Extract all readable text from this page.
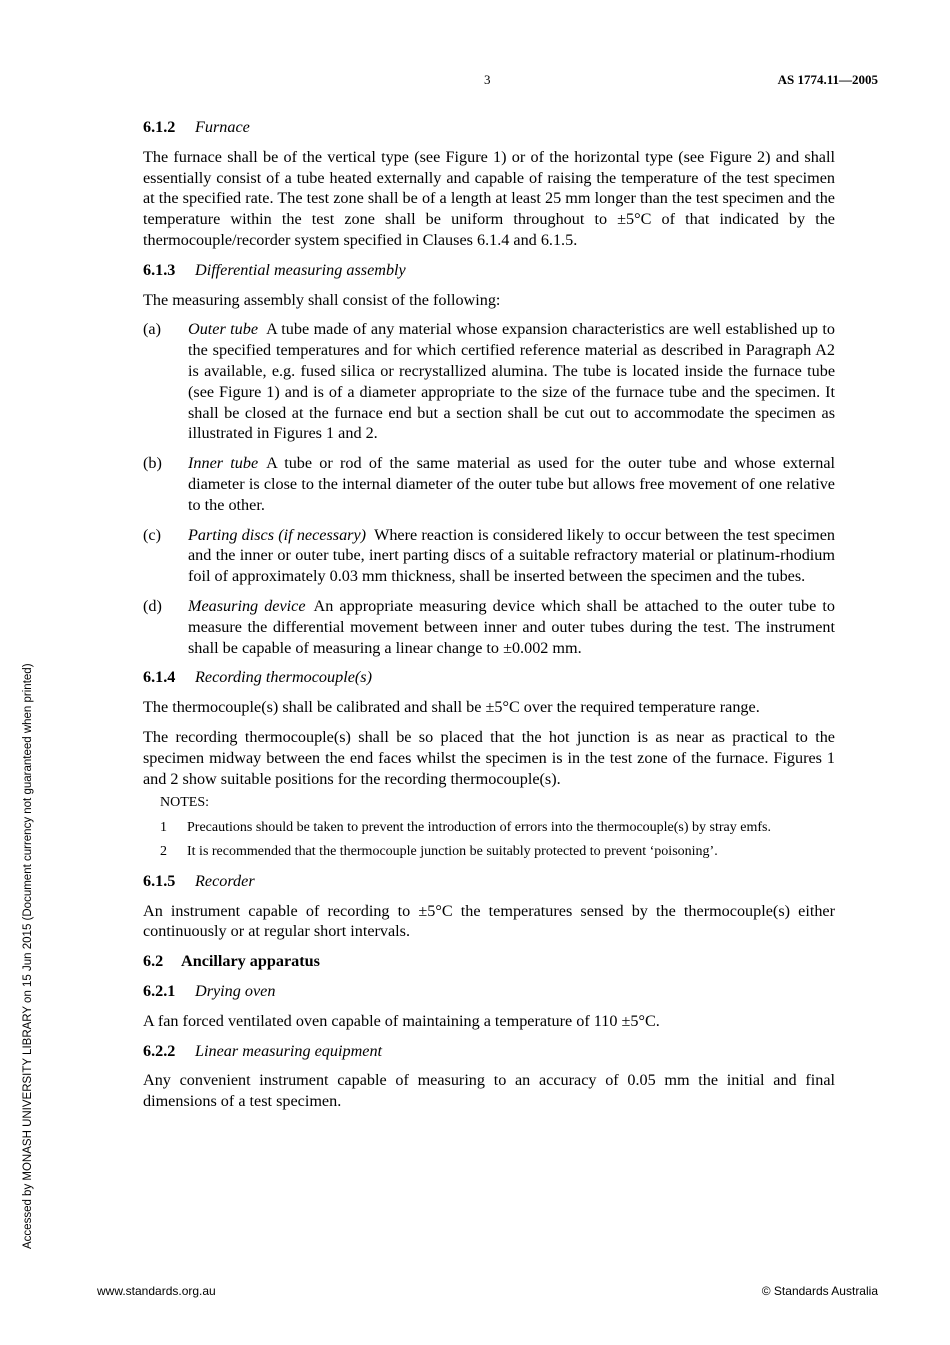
3	AS 1774.11—2005
Accessed by MONASH UNIVERSITY LIBRARY on 15 Jun 2015 (Document currency not guaranteed when printed)
6.1.2 Furnace

The furnace shall be of the vertical type (see Figure 1) or of the horizontal type (see Figure 2) and shall essentially consist of a tube heated externally and capable of raising the temperature of the test specimen at the specified rate. The test zone shall be of a length at least 25 mm longer than the test specimen and the temperature within the test zone shall be uniform throughout to ±5°C of that indicated by the thermocouple/recorder system specified in Clauses 6.1.4 and 6.1.5.

6.1.3 Differential measuring assembly

The measuring assembly shall consist of the following:

(a)	Outer tube A tube made of any material whose expansion characteristics are well established up to the specified temperatures and for which certified reference material as described in Paragraph A2 is available, e.g. fused silica or recrystallized alumina. The tube is located inside the furnace tube (see Figure 1) and is of a diameter appropriate to the size of the furnace tube and the specimen. It shall be closed at the furnace end but a section shall be cut out to accommodate the specimen as illustrated in Figures 1 and 2.
(b)	Inner tube A tube or rod of the same material as used for the outer tube and whose external diameter is close to the internal diameter of the outer tube but allows free movement of one relative to the other.
(c)	Parting discs (if necessary) Where reaction is considered likely to occur between the test specimen and the inner or outer tube, inert parting discs of a suitable refractory material or platinum-rhodium foil of approximately 0.03 mm thickness, shall be inserted between the specimen and the tubes.
(d)	Measuring device An appropriate measuring device which shall be attached to the outer tube to measure the differential movement between inner and outer tubes during the test. The instrument shall be capable of measuring a linear change to ±0.002 mm.
6.1.4 Recording thermocouple(s)

The thermocouple(s) shall be calibrated and shall be ±5°C over the required temperature range.

The recording thermocouple(s) shall be so placed that the hot junction is as near as practical to the specimen midway between the end faces whilst the specimen is in the test zone of the furnace. Figures 1 and 2 show suitable positions for the recording thermocouple(s).

NOTES:
1	Precautions should be taken to prevent the introduction of errors into the thermocouple(s) by stray emfs.
2	It is recommended that the thermocouple junction be suitably protected to prevent ‘poisoning’.
6.1.5 Recorder

An instrument capable of recording to ±5°C the temperatures sensed by the thermocouple(s) either continuously or at regular short intervals.

6.2 Ancillary apparatus
6.2.1 Drying oven

A fan forced ventilated oven capable of maintaining a temperature of 110 ±5°C.

6.2.2 Linear measuring equipment

Any convenient instrument capable of measuring to an accuracy of 0.05 mm the initial and final dimensions of a test specimen.

www.standards.org.au	© Standards Australia
